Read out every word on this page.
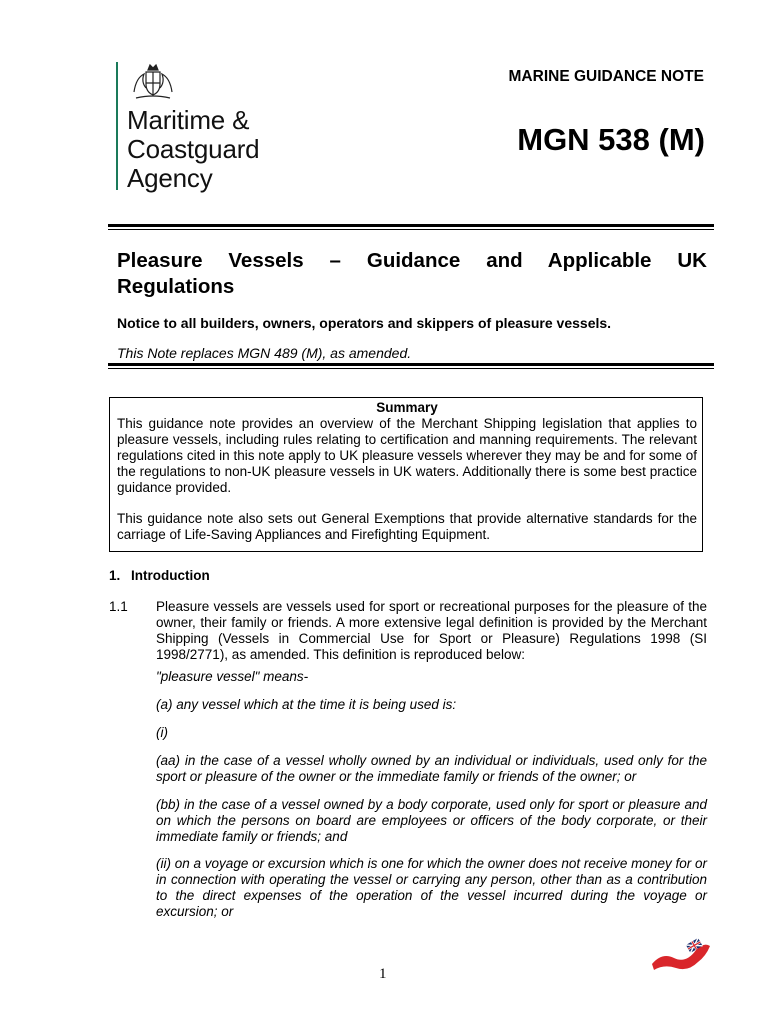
Maritime &
Coastguard
Agency
MARINE GUIDANCE NOTE
MGN 538 (M)
Pleasure Vessels – Guidance and Applicable UK Regulations
Notice to all builders, owners, operators and skippers of pleasure vessels.
This Note replaces MGN 489 (M), as amended.
Summary

This guidance note provides an overview of the Merchant Shipping legislation that applies to pleasure vessels, including rules relating to certification and manning requirements. The relevant regulations cited in this note apply to UK pleasure vessels wherever they may be and for some of the regulations to non-UK pleasure vessels in UK waters. Additionally there is some best practice guidance provided.

This guidance note also sets out General Exemptions that provide alternative standards for the carriage of Life-Saving Appliances and Firefighting Equipment.

1. Introduction
1.1 Pleasure vessels are vessels used for sport or recreational purposes for the pleasure of the owner, their family or friends. A more extensive legal definition is provided by the Merchant Shipping (Vessels in Commercial Use for Sport or Pleasure) Regulations 1998 (SI 1998/2771), as amended. This definition is reproduced below:
"pleasure vessel" means-
(a) any vessel which at the time it is being used is:
(i)
(aa) in the case of a vessel wholly owned by an individual or individuals, used only for the sport or pleasure of the owner or the immediate family or friends of the owner; or
(bb) in the case of a vessel owned by a body corporate, used only for sport or pleasure and on which the persons on board are employees or officers of the body corporate, or their immediate family or friends; and
(ii) on a voyage or excursion which is one for which the owner does not receive money for or in connection with operating the vessel or carrying any person, other than as a contribution to the direct expenses of the operation of the vessel incurred during the voyage or excursion; or
1
